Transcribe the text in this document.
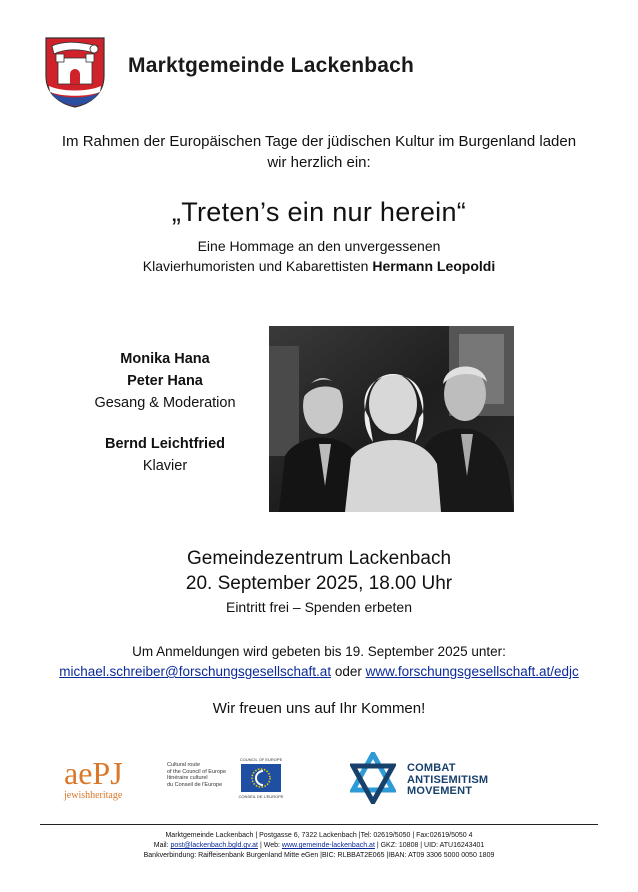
Marktgemeinde Lackenbach
Im Rahmen der Europäischen Tage der jüdischen Kultur im Burgenland laden
wir herzlich ein:
„Treten’s ein nur herein“
Eine Hommage an den unvergessenen
Klavierhumoristen und Kabarettisten Hermann Leopoldi
Monika Hana
Peter Hana
Gesang & Moderation
Bernd Leichtfried
Klavier
Gemeindezentrum Lackenbach
20. September 2025, 18.00 Uhr
Eintritt frei – Spenden erbeten
Um Anmeldungen wird gebeten bis 19. September 2025 unter:
michael.schreiber@forschungsgesellschaft.at oder www.forschungsgesellschaft.at/edjc
Wir freuen uns auf Ihr Kommen!
aePJ
jewishheritage
Cultural route
of the Council of Europe
Itinéraire culturel
du Conseil de l'Europe
COUNCIL OF EUROPE
CONSEIL DE L'EUROPE
COMBAT
ANTISEMITISM
MOVEMENT
Marktgemeinde Lackenbach | Postgasse 6, 7322 Lackenbach |Tel: 02619/5050 | Fax:02619/5050 4
Mail: post@lackenbach.bgld.gv.at | Web: www.gemeinde-lackenbach.at | GKZ: 10808 | UID: ATU16243401
Bankverbindung: Raiffeisenbank Burgenland Mitte eGen |BIC: RLBBAT2E065 |IBAN: AT09 3306 5000 0050 1809
